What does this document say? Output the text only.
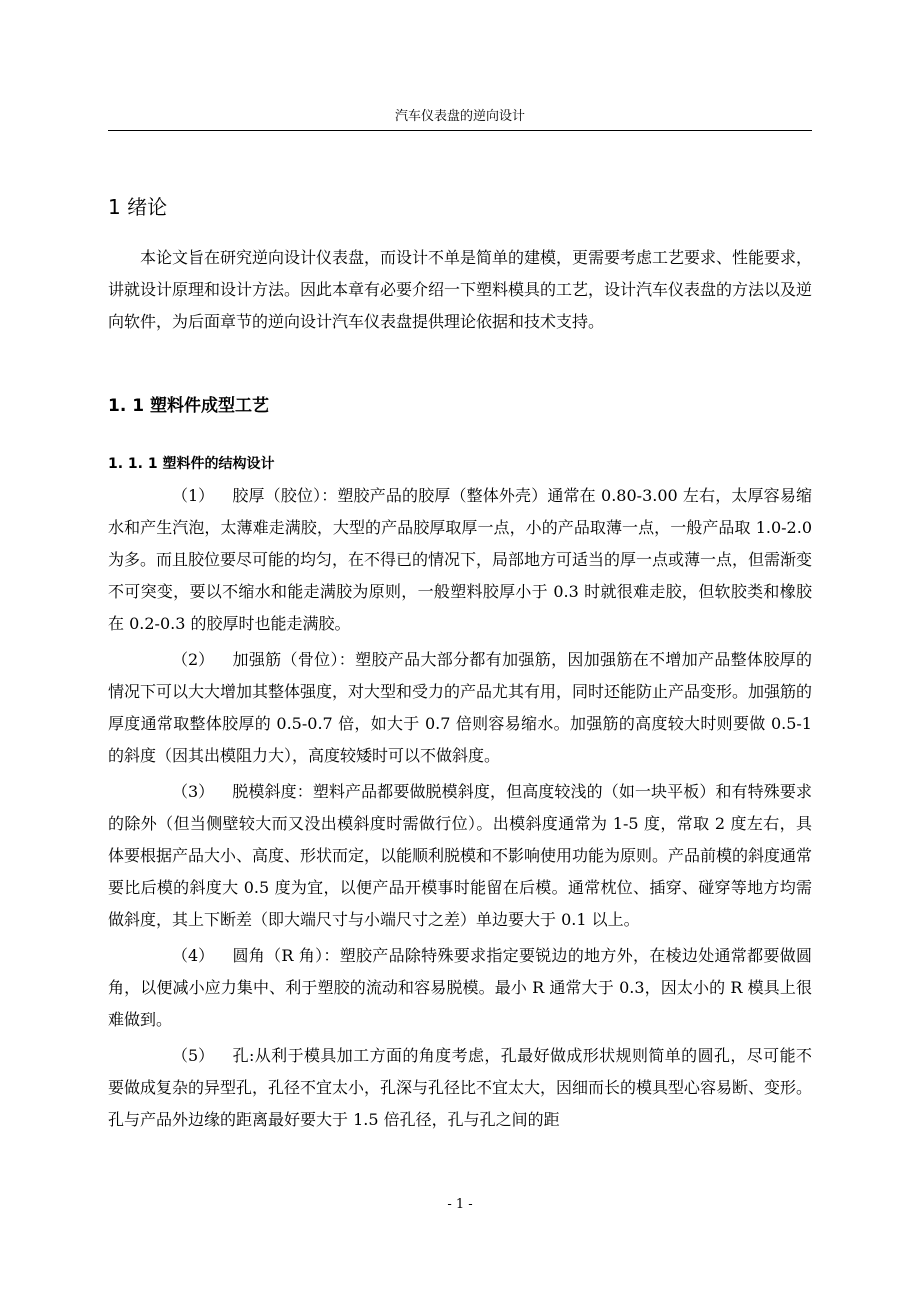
汽车仪表盘的逆向设计
1 绪论

本论文旨在研究逆向设计仪表盘，而设计不单是简单的建模，更需要考虑工艺要求、性能要求，讲就设计原理和设计方法。因此本章有必要介绍一下塑料模具的工艺，设计汽车仪表盘的方法以及逆向软件，为后面章节的逆向设计汽车仪表盘提供理论依据和技术支持。

1. 1 塑料件成型工艺
1. 1. 1 塑料件的结构设计

（1） 胶厚（胶位）：塑胶产品的胶厚（整体外壳）通常在 0.80-3.00 左右，太厚容易缩水和产生汽泡，太薄难走满胶，大型的产品胶厚取厚一点，小的产品取薄一点，一般产品取 1.0-2.0 为多。而且胶位要尽可能的均匀，在不得已的情况下，局部地方可适当的厚一点或薄一点，但需渐变不可突变，要以不缩水和能走满胶为原则，一般塑料胶厚小于 0.3 时就很难走胶，但软胶类和橡胶在 0.2-0.3 的胶厚时也能走满胶。

（2） 加强筋（骨位）：塑胶产品大部分都有加强筋，因加强筋在不增加产品整体胶厚的情况下可以大大增加其整体强度，对大型和受力的产品尤其有用，同时还能防止产品变形。加强筋的厚度通常取整体胶厚的 0.5-0.7 倍，如大于 0.7 倍则容易缩水。加强筋的高度较大时则要做 0.5-1 的斜度（因其出模阻力大），高度较矮时可以不做斜度。

（3） 脱模斜度：塑料产品都要做脱模斜度，但高度较浅的（如一块平板）和有特殊要求的除外（但当侧壁较大而又没出模斜度时需做行位）。出模斜度通常为 1-5 度，常取 2 度左右，具体要根据产品大小、高度、形状而定，以能顺利脱模和不影响使用功能为原则。产品前模的斜度通常要比后模的斜度大 0.5 度为宜，以便产品开模事时能留在后模。通常枕位、插穿、碰穿等地方均需做斜度，其上下断差（即大端尺寸与小端尺寸之差）单边要大于 0.1 以上。

（4） 圆角（R 角）：塑胶产品除特殊要求指定要锐边的地方外，在棱边处通常都要做圆角，以便减小应力集中、利于塑胶的流动和容易脱模。最小 R 通常大于 0.3，因太小的 R 模具上很难做到。

（5） 孔:从利于模具加工方面的角度考虑，孔最好做成形状规则简单的圆孔，尽可能不要做成复杂的异型孔，孔径不宜太小，孔深与孔径比不宜太大，因细而长的模具型心容易断、变形。孔与产品外边缘的距离最好要大于 1.5 倍孔径，孔与孔之间的距

- 1 -
